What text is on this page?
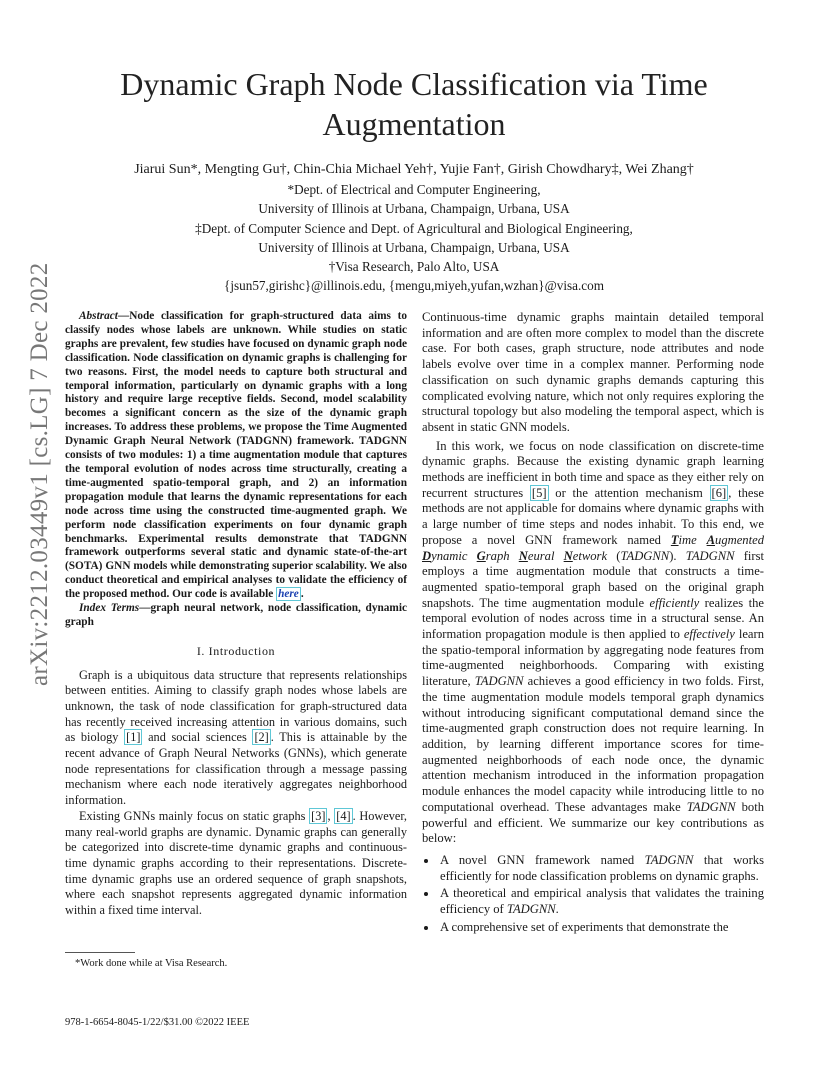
Dynamic Graph Node Classification via Time Augmentation
Jiarui Sun*, Mengting Gu†, Chin-Chia Michael Yeh†, Yujie Fan†, Girish Chowdhary‡, Wei Zhang†
*Dept. of Electrical and Computer Engineering,
University of Illinois at Urbana, Champaign, Urbana, USA
‡Dept. of Computer Science and Dept. of Agricultural and Biological Engineering,
University of Illinois at Urbana, Champaign, Urbana, USA
†Visa Research, Palo Alto, USA
{jsun57,girishc}@illinois.edu, {mengu,miyeh,yufan,wzhan}@visa.com
arXiv:2212.03449v1 [cs.LG] 7 Dec 2022	Abstract—Node classification for graph-structured data aims to classify nodes whose labels are unknown. While studies on static graphs are prevalent, few studies have focused on dynamic graph node classification. Node classification on dynamic graphs is challenging for two reasons. First, the model needs to capture both structural and temporal information, particularly on dynamic graphs with a long history and require large receptive fields. Second, model scalability becomes a significant concern as the size of the dynamic graph increases. To address these problems, we propose the Time Augmented Dynamic Graph Neural Network (TADGNN) framework. TADGNN consists of two modules: 1) a time augmentation module that captures the temporal evolution of nodes across time structurally, creating a time-augmented spatio-temporal graph, and 2) an information propagation module that learns the dynamic representations for each node across time using the constructed time-augmented graph. We perform node classification experiments on four dynamic graph benchmarks. Experimental results demonstrate that TADGNN framework outperforms several static and dynamic state-of-the-art (SOTA) GNN models while demonstrating superior scalability. We also conduct theoretical and empirical analyses to validate the efficiency of the proposed method. Our code is available here .

Index Terms—graph neural network, node classification, dynamic graph

I. Introduction

Graph is a ubiquitous data structure that represents relationships between entities. Aiming to classify graph nodes whose labels are unknown, the task of node classification for graph-structured data has recently received increasing attention in various domains, such as biology [1] and social sciences [2] . This is attainable by the recent advance of Graph Neural Networks (GNNs), which generate node representations for classification through a message passing mechanism where each node iteratively aggregates neighborhood information.

Existing GNNs mainly focus on static graphs [3] , [4] . However, many real-world graphs are dynamic. Dynamic graphs can generally be categorized into discrete-time dynamic graphs and continuous-time dynamic graphs according to their representations. Discrete-time dynamic graphs use an ordered sequence of graph snapshots, where each snapshot represents aggregated dynamic information within a fixed time interval.

*Work done while at Visa Research.
978-1-6654-8045-1/22/$31.00 ©2022 IEEE

Continuous-time dynamic graphs maintain detailed temporal information and are often more complex to model than the discrete case. For both cases, graph structure, node attributes and node labels evolve over time in a complex manner. Performing node classification on such dynamic graphs demands capturing this complicated evolving nature, which not only requires exploring the structural topology but also modeling the temporal aspect, which is absent in static GNN models.

In this work, we focus on node classification on discrete-time dynamic graphs. Because the existing dynamic graph learning methods are inefficient in both time and space as they either rely on recurrent structures [5] or the attention mechanism [6] , these methods are not applicable for domains where dynamic graphs with a large number of time steps and nodes inhabit. To this end, we propose a novel GNN framework named Time Augmented Dynamic Graph Neural Network (TADGNN). TADGNN first employs a time augmentation module that constructs a time-augmented spatio-temporal graph based on the original graph snapshots. The time augmentation module efficiently realizes the temporal evolution of nodes across time in a structural sense. An information propagation module is then applied to effectively learn the spatio-temporal information by aggregating node features from time-augmented neighborhoods. Comparing with existing literature, TADGNN achieves a good efficiency in two folds. First, the time augmentation module models temporal graph dynamics without introducing significant computational demand since the time-augmented graph construction does not require learning. In addition, by learning different importance scores for time-augmented neighborhoods of each node once, the dynamic attention mechanism introduced in the information propagation module enhances the model capacity while introducing little to no computational overhead. These advantages make TADGNN both powerful and efficient. We summarize our key contributions as below:

• A novel GNN framework named TADGNN that works efficiently for node classification problems on dynamic graphs.
• A theoretical and empirical analysis that validates the training efficiency of TADGNN.
• A comprehensive set of experiments that demonstrate the
